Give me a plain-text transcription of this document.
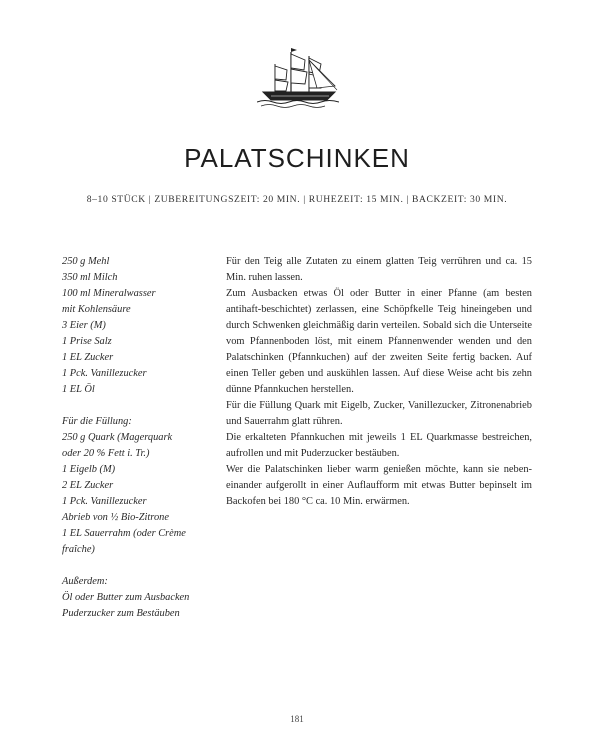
PALATSCHINKEN
8–10 STÜCK | ZUBEREITUNGSZEIT: 20 MIN. | RUHEZEIT: 15 MIN. | BACKZEIT: 30 MIN.
250 g Mehl
350 ml Milch
100 ml Mineralwasser
mit Kohlensäure
3 Eier (M)
1 Prise Salz
1 EL Zucker
1 Pck. Vanillezucker
1 EL Öl
Für die Füllung:
250 g Quark (Magerquark
oder 20 % Fett i. Tr.)
1 Eigelb (M)
2 EL Zucker
1 Pck. Vanillezucker
Abrieb von ½ Bio-Zitrone
1 EL Sauerrahm (oder Crème
fraîche)
Außerdem:
Öl oder Butter zum Ausbacken
Puderzucker zum Bestäuben

Für den Teig alle Zutaten zu einem glatten Teig verrühren und ca. 15 Min. ruhen lassen.

Zum Ausbacken etwas Öl oder Butter in einer Pfanne (am besten antihaft-beschichtet) zerlassen, eine Schöpfkelle Teig hineingeben und durch Schwenken gleichmäßig darin verteilen. Sobald sich die Unterseite vom Pfannenboden löst, mit einem Pfannenwender wenden und den Palatschinken (Pfannkuchen) auf der zweiten Seite fertig backen. Auf einen Teller geben und auskühlen lassen. Auf diese Weise acht bis zehn dünne Pfannkuchen herstellen.

Für die Füllung Quark mit Eigelb, Zucker, Vanillezucker, Zitronenabrieb und Sauerrahm glatt rühren.

Die erkalteten Pfannkuchen mit jeweils 1 EL Quarkmasse bestreichen, aufrollen und mit Puderzucker bestäuben.

Wer die Palatschinken lieber warm genießen möchte, kann sie nebeneinander aufgerollt in einer Auflaufform mit etwas Butter bepinselt im Backofen bei 180 °C ca. 10 Min. erwärmen.

181
